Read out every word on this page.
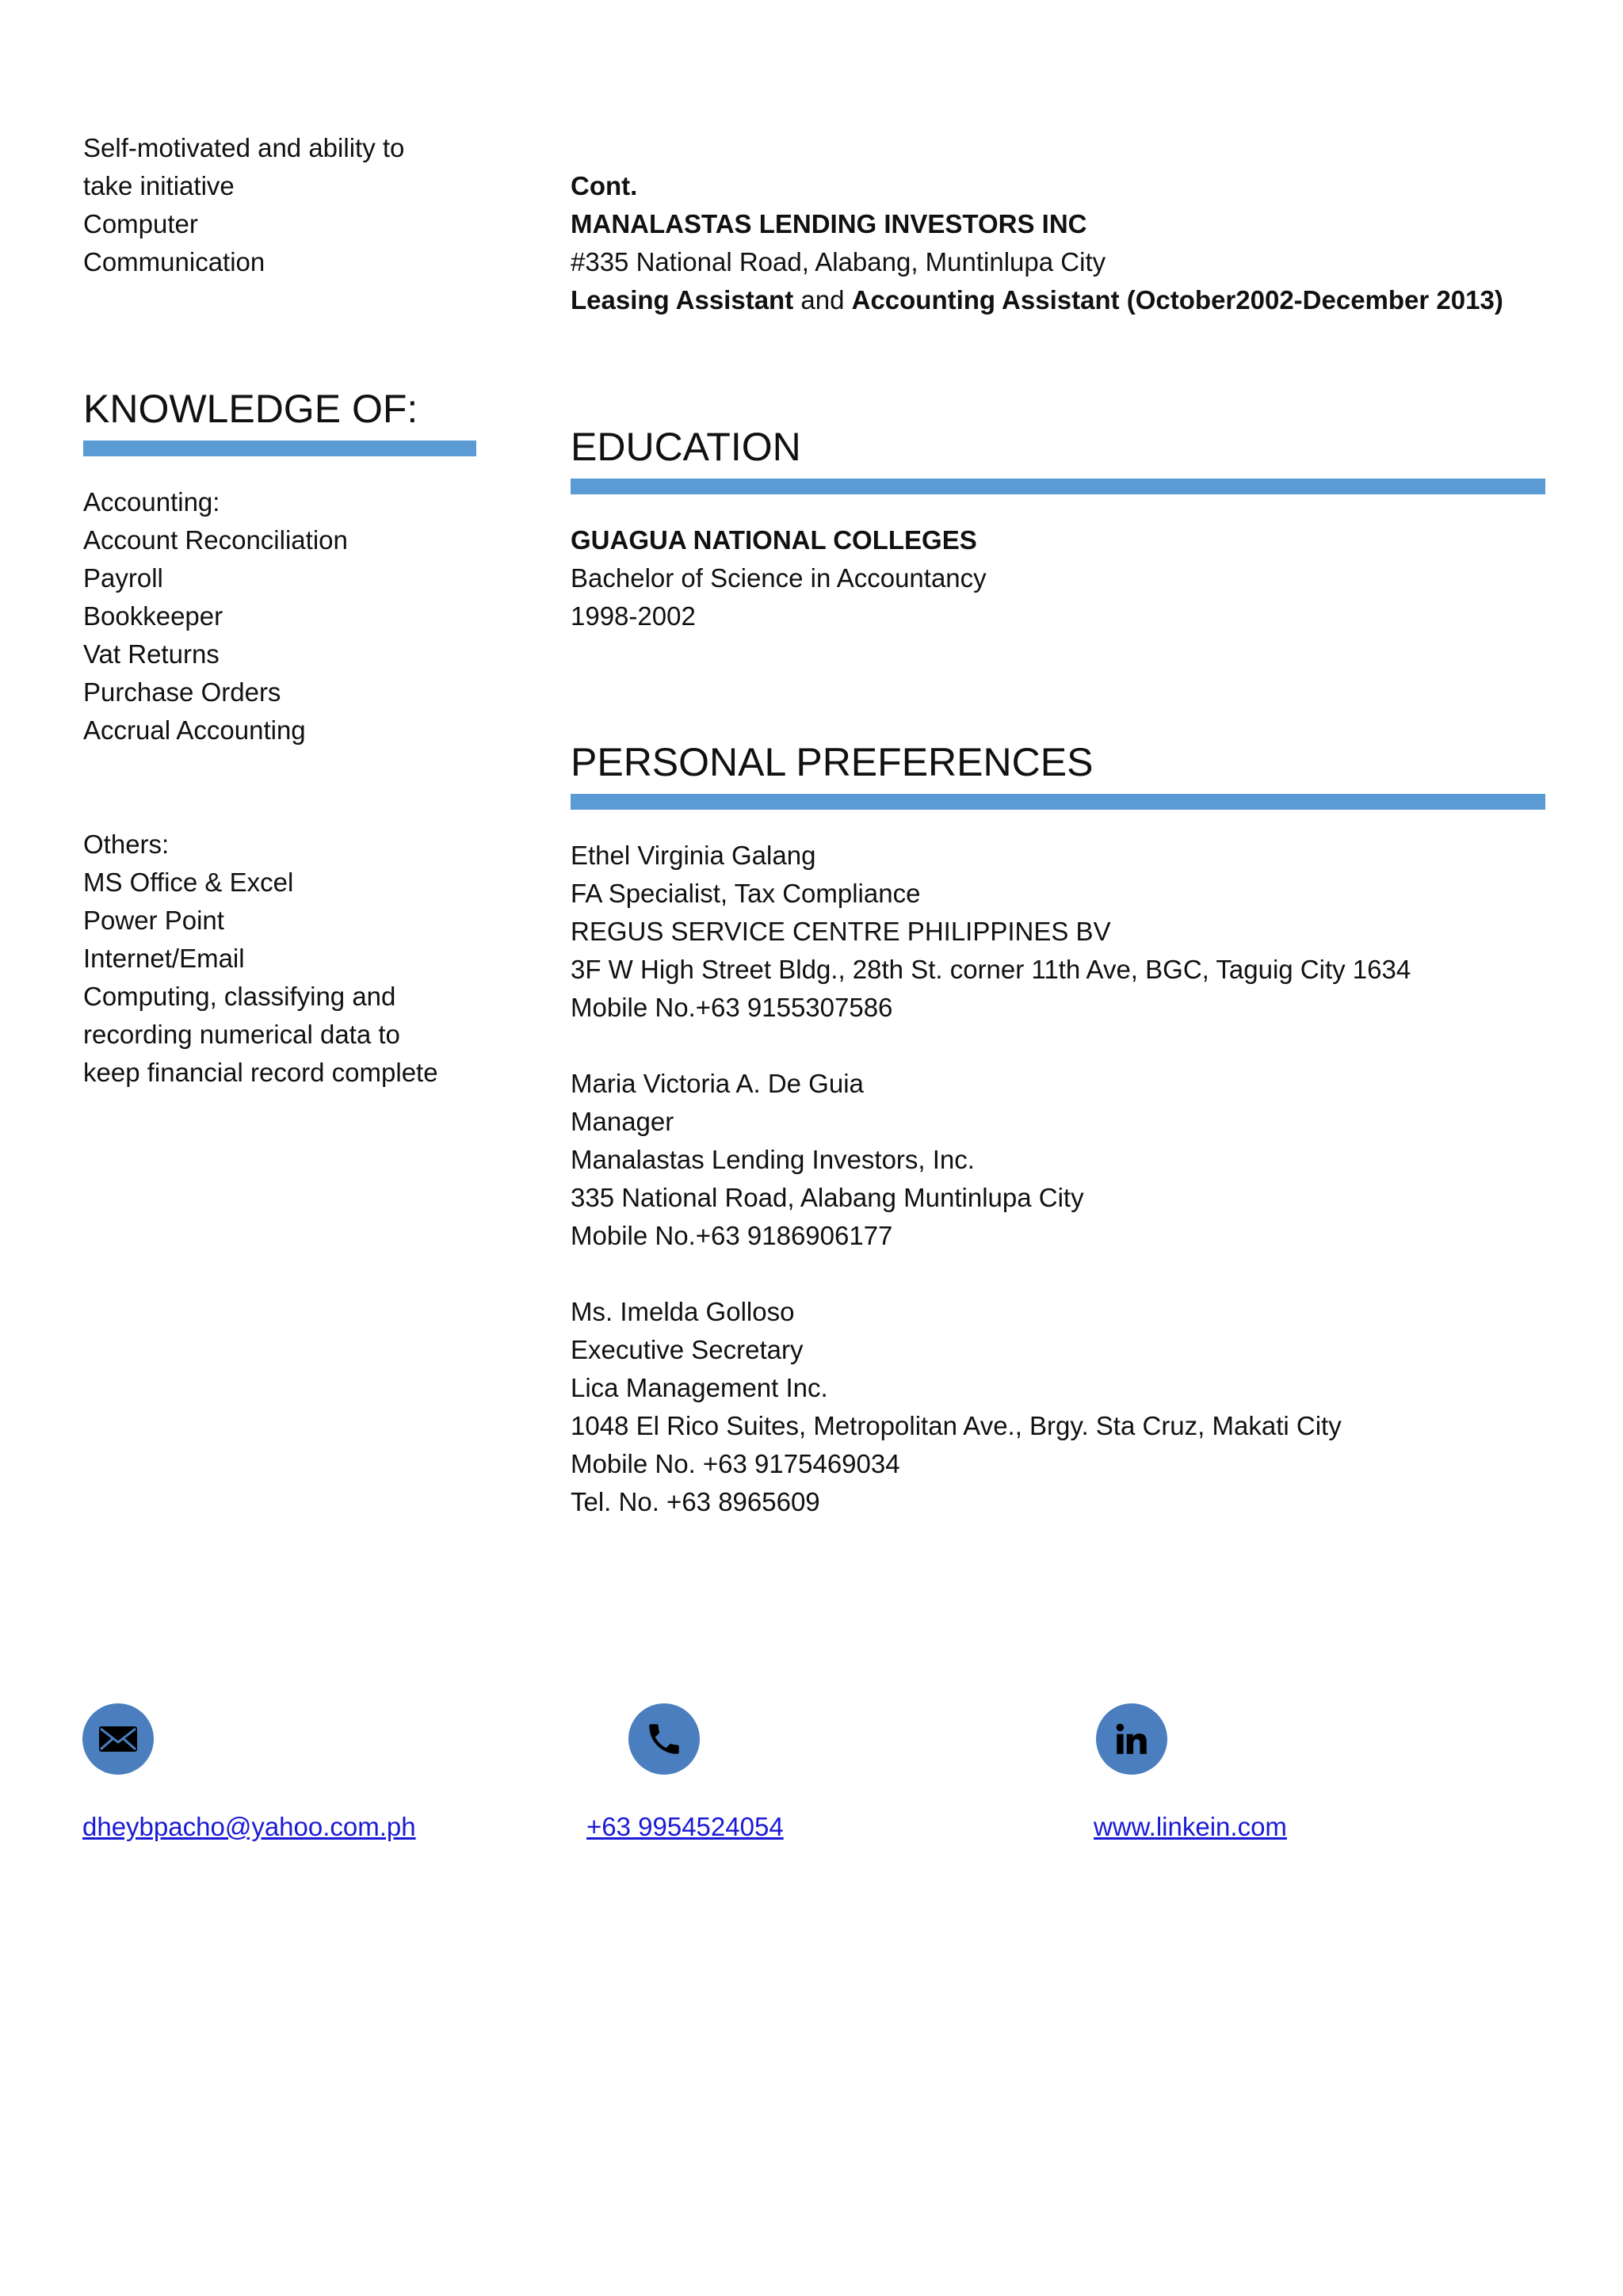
Self-motivated and ability to
take initiative
Computer
Communication
KNOWLEDGE OF:
Accounting:
Account Reconciliation
Payroll
Bookkeeper
Vat Returns
Purchase Orders
Accrual Accounting
Others:
MS Office & Excel
Power Point
Internet/Email
Computing, classifying and
recording numerical data to
keep financial record complete
Cont.
MANALASTAS LENDING INVESTORS INC
#335 National Road, Alabang, Muntinlupa City
Leasing Assistant and Accounting Assistant (October2002-December 2013)
EDUCATION
GUAGUA NATIONAL COLLEGES
Bachelor of Science in Accountancy
1998-2002
PERSONAL PREFERENCES
Ethel Virginia Galang
FA Specialist, Tax Compliance
REGUS SERVICE CENTRE PHILIPPINES BV
3F W High Street Bldg., 28th St. corner 11th Ave, BGC, Taguig City 1634
Mobile No.+63 9155307586
Maria Victoria A. De Guia
Manager
Manalastas Lending Investors, Inc.
335 National Road, Alabang Muntinlupa City
Mobile No.+63 9186906177
Ms. Imelda Golloso
Executive Secretary
Lica Management Inc.
1048 El Rico Suites, Metropolitan Ave., Brgy. Sta Cruz, Makati City
Mobile No. +63 9175469034
Tel. No. +63 8965609
dheybpacho@yahoo.com.ph	+63 9954524054	www.linkein.com
